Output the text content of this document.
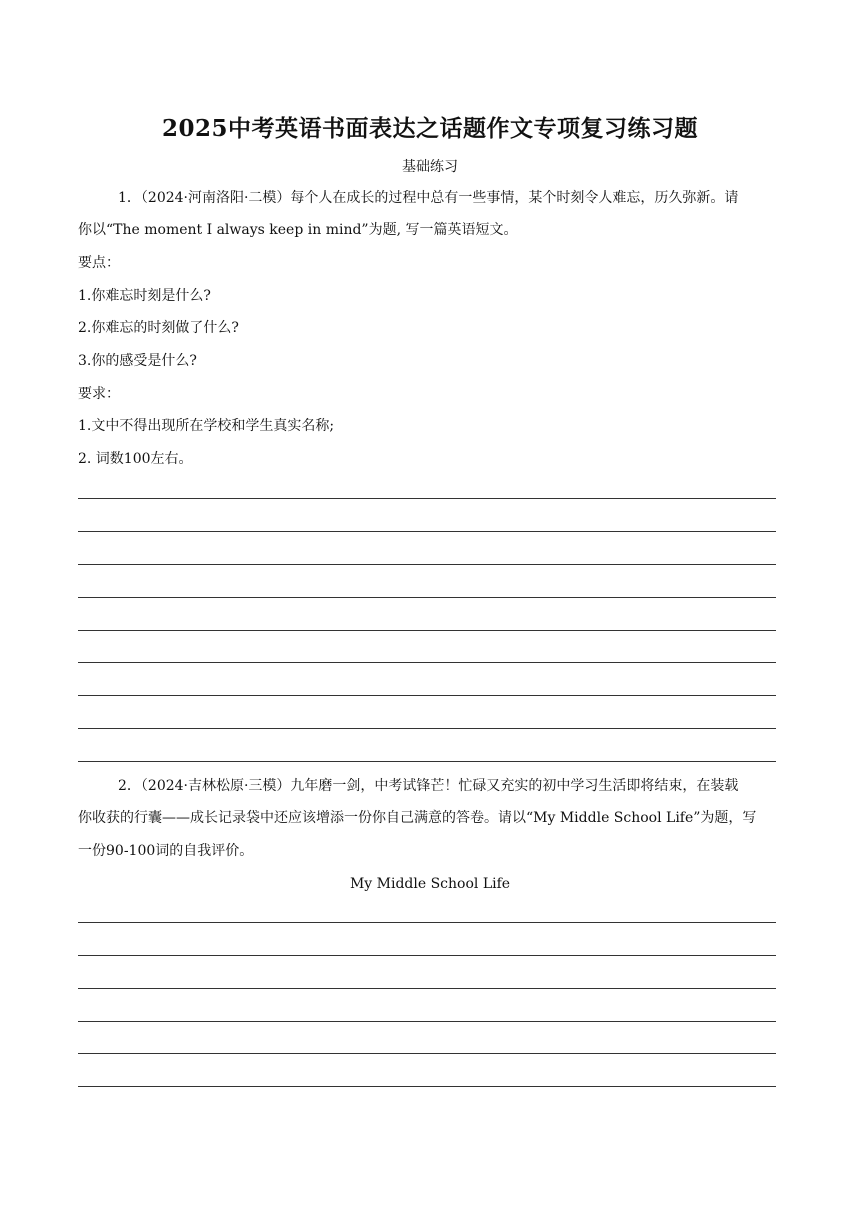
2025中考英语书面表达之话题作文专项复习练习题
基础练习
1．（2024·河南洛阳·二模）每个人在成长的过程中总有一些事情，某个时刻令人难忘，历久弥新。请
你以“The moment I always keep in mind”为题, 写一篇英语短文。
要点：
1.你难忘时刻是什么?
2.你难忘的时刻做了什么?
3.你的感受是什么?
要求：
1.文中不得出现所在学校和学生真实名称;
2. 词数100左右。
2．（2024·吉林松原·三模）九年磨一剑，中考试锋芒！忙碌又充实的初中学习生活即将结束，在装载
你收获的行囊——成长记录袋中还应该增添一份你自己满意的答卷。请以“My Middle School Life”为题，写
一份90-100词的自我评价。
My Middle School Life
